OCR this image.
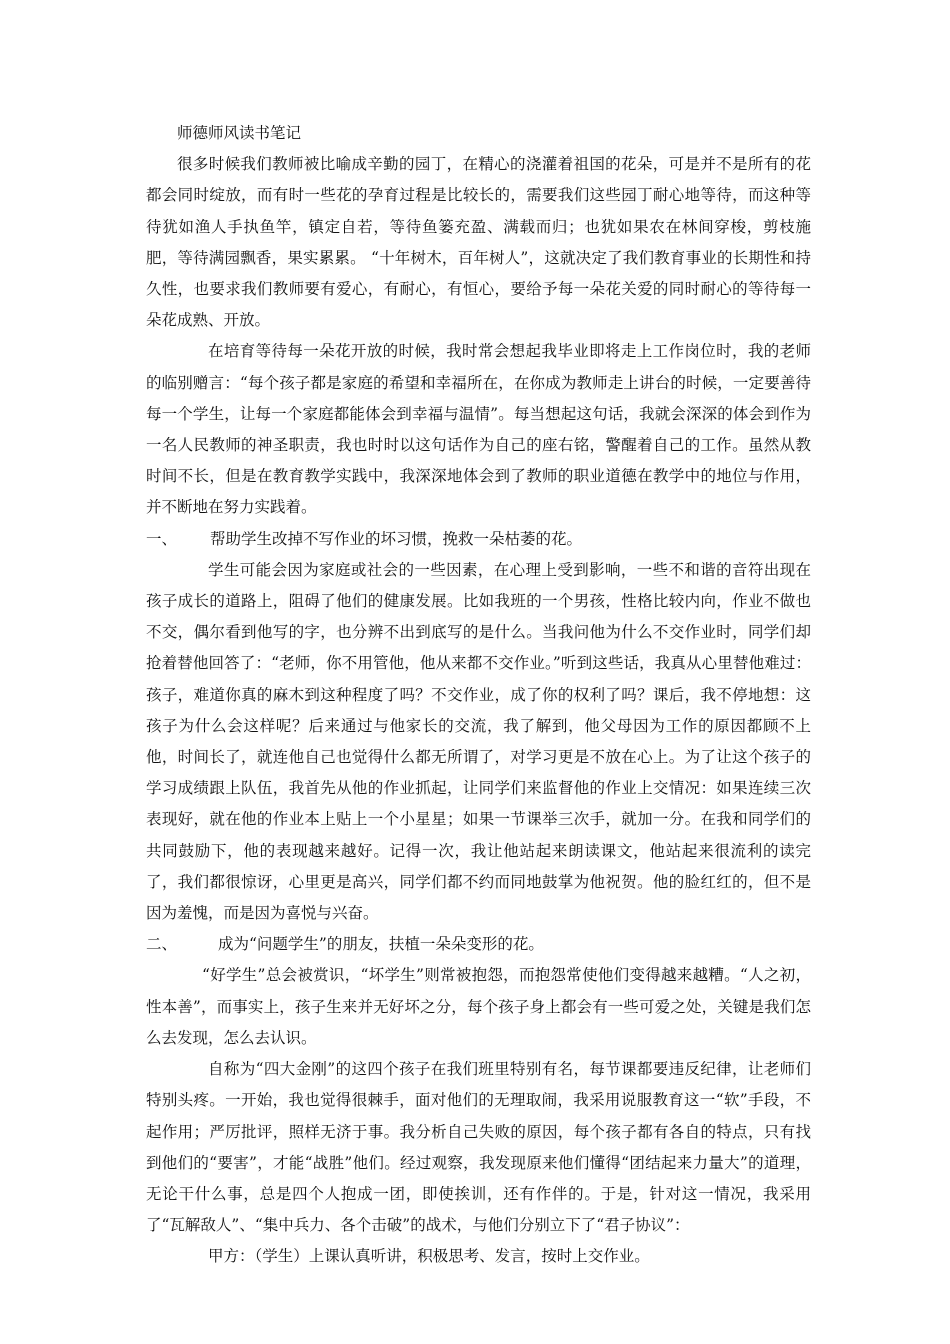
师德师风读书笔记

很多时候我们教师被比喻成辛勤的园丁，在精心的浇灌着祖国的花朵，可是并不是所有的花都会同时绽放，而有时一些花的孕育过程是比较长的，需要我们这些园丁耐心地等待，而这种等待犹如渔人手执鱼竿，镇定自若，等待鱼篓充盈、满载而归；也犹如果农在林间穿梭，剪枝施肥，等待满园飘香，果实累累。 “十年树木，百年树人”，这就决定了我们教育事业的长期性和持久性，也要求我们教师要有爱心，有耐心，有恒心，要给予每一朵花关爱的同时耐心的等待每一朵花成熟、开放。

在培育等待每一朵花开放的时候，我时常会想起我毕业即将走上工作岗位时，我的老师的临别赠言：“每个孩子都是家庭的希望和幸福所在，在你成为教师走上讲台的时候，一定要善待每一个学生，让每一个家庭都能体会到幸福与温情”。每当想起这句话，我就会深深的体会到作为一名人民教师的神圣职责，我也时时以这句话作为自己的座右铭，警醒着自己的工作。虽然从教时间不长，但是在教育教学实践中，我深深地体会到了教师的职业道德在教学中的地位与作用，并不断地在努力实践着。

一、	帮助学生改掉不写作业的坏习惯，挽救一朵枯萎的花。

学生可能会因为家庭或社会的一些因素，在心理上受到影响，一些不和谐的音符出现在孩子成长的道路上，阻碍了他们的健康发展。比如我班的一个男孩，性格比较内向，作业不做也不交，偶尔看到他写的字，也分辨不出到底写的是什么。当我问他为什么不交作业时，同学们却抢着替他回答了：“老师，你不用管他，他从来都不交作业。”听到这些话，我真从心里替他难过：孩子，难道你真的麻木到这种程度了吗？不交作业，成了你的权利了吗？课后，我不停地想：这孩子为什么会这样呢？后来通过与他家长的交流，我了解到，他父母因为工作的原因都顾不上他，时间长了，就连他自己也觉得什么都无所谓了，对学习更是不放在心上。为了让这个孩子的学习成绩跟上队伍，我首先从他的作业抓起，让同学们来监督他的作业上交情况：如果连续三次表现好，就在他的作业本上贴上一个小星星；如果一节课举三次手，就加一分。在我和同学们的共同鼓励下，他的表现越来越好。记得一次，我让他站起来朗读课文，他站起来很流利的读完了，我们都很惊讶，心里更是高兴，同学们都不约而同地鼓掌为他祝贺。他的脸红红的，但不是因为羞愧，而是因为喜悦与兴奋。

二、	成为“问题学生”的朋友，扶植一朵朵变形的花。

“好学生”总会被赏识，“坏学生”则常被抱怨，而抱怨常使他们变得越来越糟。“人之初，性本善”，而事实上，孩子生来并无好坏之分，每个孩子身上都会有一些可爱之处，关键是我们怎么去发现，怎么去认识。

自称为“四大金刚”的这四个孩子在我们班里特别有名，每节课都要违反纪律，让老师们特别头疼。一开始，我也觉得很棘手，面对他们的无理取闹，我采用说服教育这一“软”手段，不起作用；严厉批评，照样无济于事。我分析自己失败的原因，每个孩子都有各自的特点，只有找到他们的“要害”，才能“战胜”他们。经过观察，我发现原来他们懂得“团结起来力量大”的道理，无论干什么事，总是四个人抱成一团，即使挨训，还有作伴的。于是，针对这一情况，我采用了“瓦解敌人”、“集中兵力、各个击破”的战术，与他们分别立下了“君子协议”：

甲方：（学生）上课认真听讲，积极思考、发言，按时上交作业。
